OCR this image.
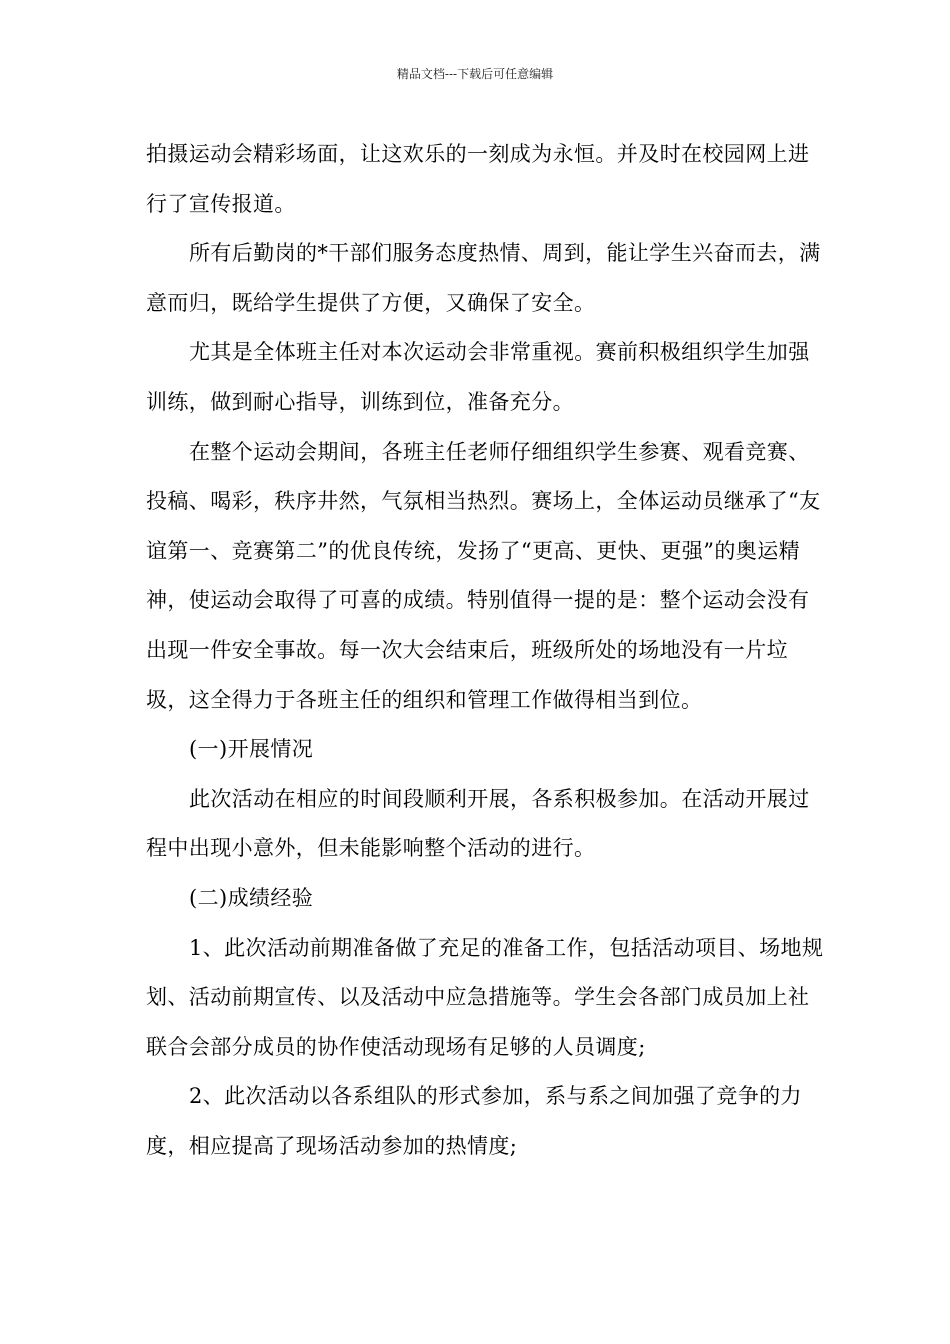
精品文档---下载后可任意编辑

拍摄运动会精彩场面，让这欢乐的一刻成为永恒。并及时在校园网上进行了宣传报道。

所有后勤岗的*干部们服务态度热情、周到，能让学生兴奋而去，满意而归，既给学生提供了方便，又确保了安全。

尤其是全体班主任对本次运动会非常重视。赛前积极组织学生加强训练，做到耐心指导，训练到位，准备充分。

在整个运动会期间，各班主任老师仔细组织学生参赛、观看竞赛、投稿、喝彩，秩序井然，气氛相当热烈。赛场上，全体运动员继承了“友谊第一、竞赛第二”的优良传统，发扬了“更高、更快、更强”的奥运精神，使运动会取得了可喜的成绩。特别值得一提的是：整个运动会没有出现一件安全事故。每一次大会结束后，班级所处的场地没有一片垃圾，这全得力于各班主任的组织和管理工作做得相当到位。

(一)开展情况

此次活动在相应的时间段顺利开展，各系积极参加。在活动开展过程中出现小意外，但未能影响整个活动的进行。

(二)成绩经验

1、此次活动前期准备做了充足的准备工作，包括活动项目、场地规划、活动前期宣传、以及活动中应急措施等。学生会各部门成员加上社联合会部分成员的协作使活动现场有足够的人员调度;

2、此次活动以各系组队的形式参加，系与系之间加强了竞争的力度，相应提高了现场活动参加的热情度;
